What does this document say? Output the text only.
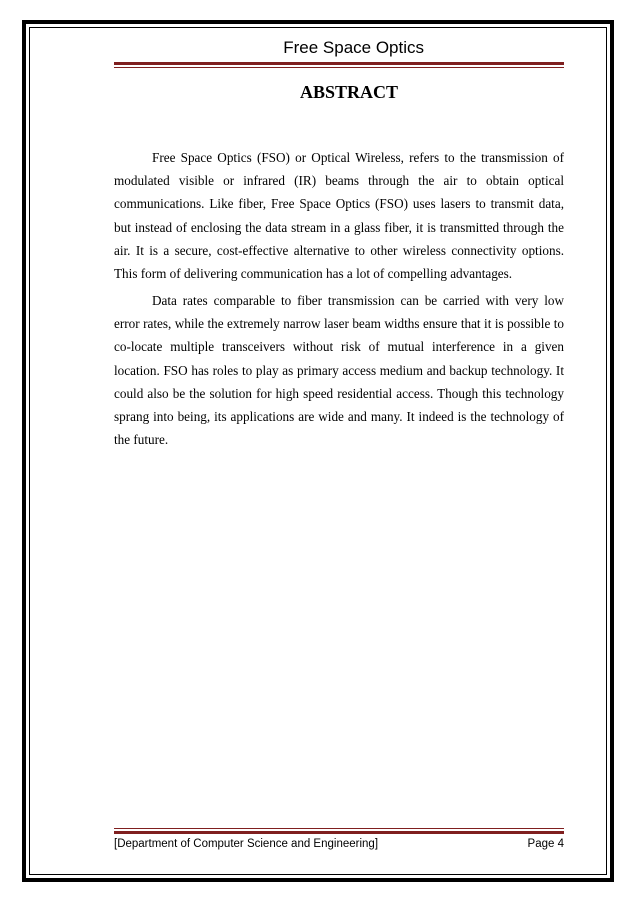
Free Space Optics
ABSTRACT

Free Space Optics (FSO) or Optical Wireless, refers to the transmission of modulated visible or infrared (IR) beams through the air to obtain optical communications. Like fiber, Free Space Optics (FSO) uses lasers to transmit data, but instead of enclosing the data stream in a glass fiber, it is transmitted through the air. It is a secure, cost-effective alternative to other wireless connectivity options. This form of delivering communication has a lot of compelling advantages.

Data rates comparable to fiber transmission can be carried with very low error rates, while the extremely narrow laser beam widths ensure that it is possible to co-locate multiple transceivers without risk of mutual interference in a given location. FSO has roles to play as primary access medium and backup technology. It could also be the solution for high speed residential access. Though this technology sprang into being, its applications are wide and many. It indeed is the technology of the future.

[Department of Computer Science and Engineering]	Page 4
